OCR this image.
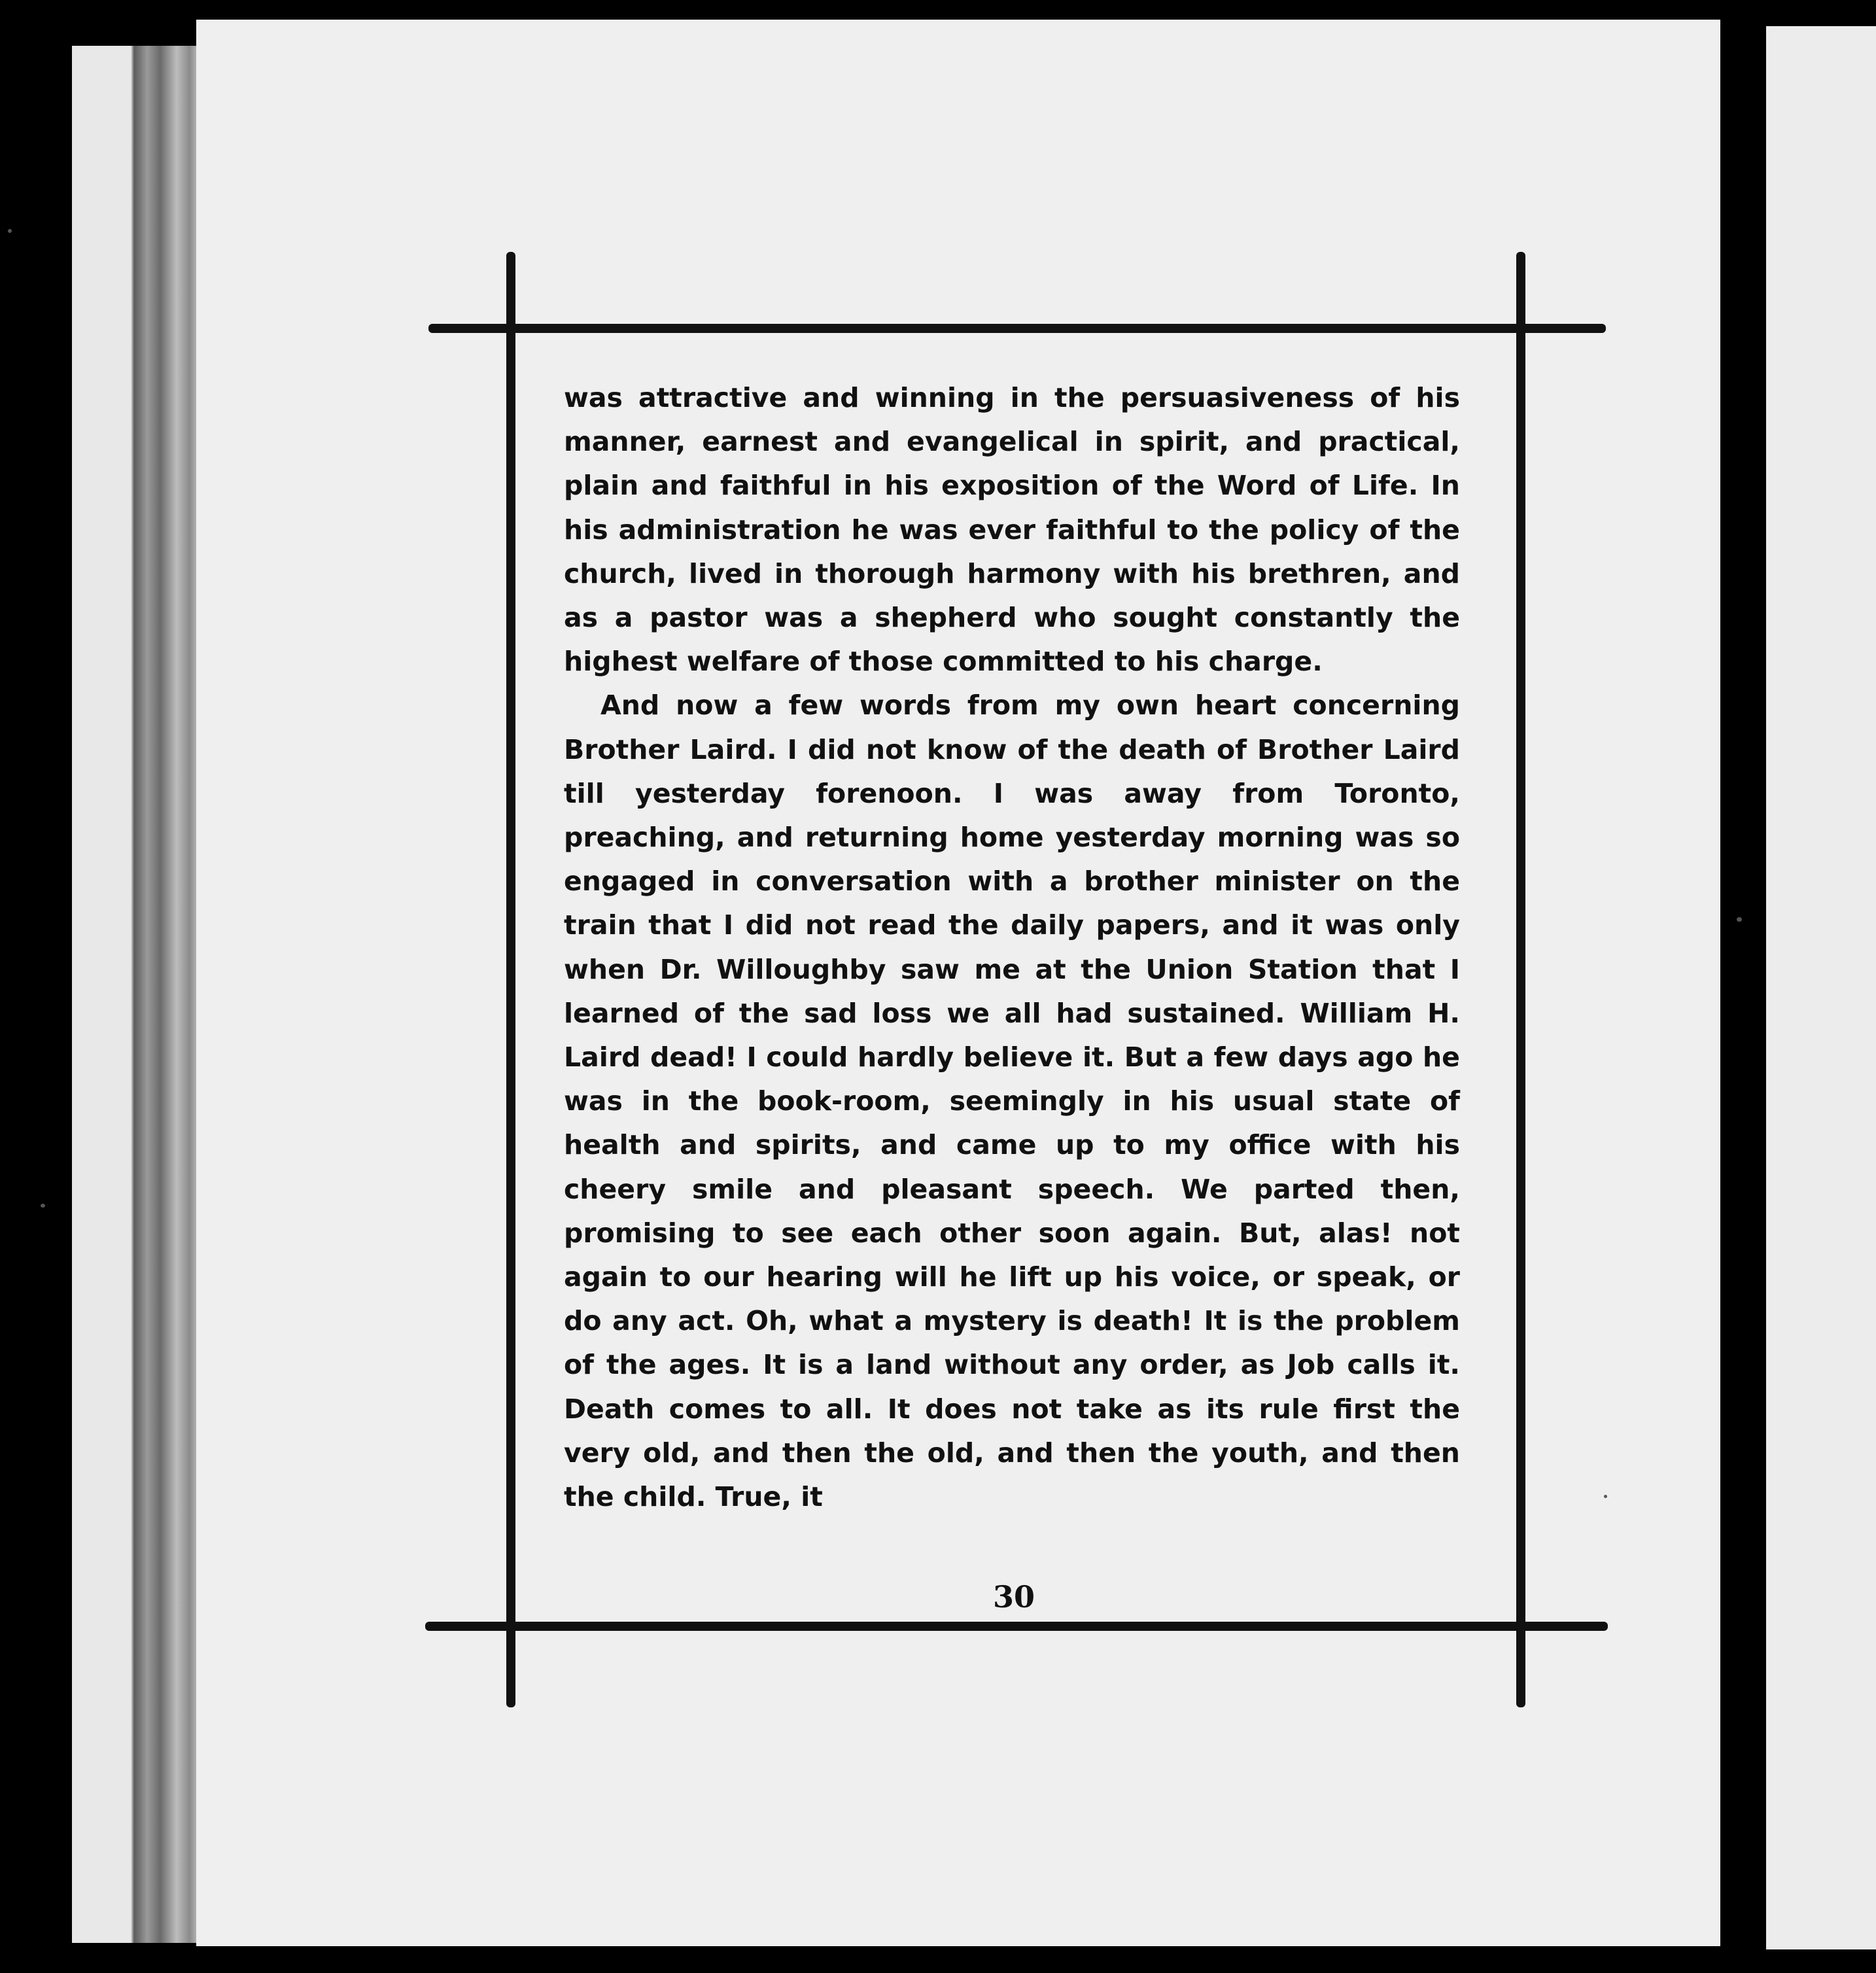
was attractive and winning in the persuasiveness of his manner, earnest and evangelical in spirit, and practical, plain and faithful in his exposition of the Word of Life. In his administration he was ever faithful to the policy of the church, lived in thorough harmony with his brethren, and as a pastor was a shepherd who sought constantly the highest welfare of those committed to his charge.

And now a few words from my own heart concerning Brother Laird. I did not know of the death of Brother Laird till yesterday forenoon. I was away from Toronto, preaching, and returning home yesterday morning was so engaged in conversation with a brother minister on the train that I did not read the daily papers, and it was only when Dr. Willoughby saw me at the Union Station that I learned of the sad loss we all had sustained. William H. Laird dead! I could hardly believe it. But a few days ago he was in the book-room, seemingly in his usual state of health and spirits, and came up to my office with his cheery smile and pleasant speech. We parted then, promising to see each other soon again. But, alas! not again to our hearing will he lift up his voice, or speak, or do any act. Oh, what a mystery is death! It is the problem of the ages. It is a land without any order, as Job calls it. Death comes to all. It does not take as its rule first the very old, and then the old, and then the youth, and then the child. True, it

30
